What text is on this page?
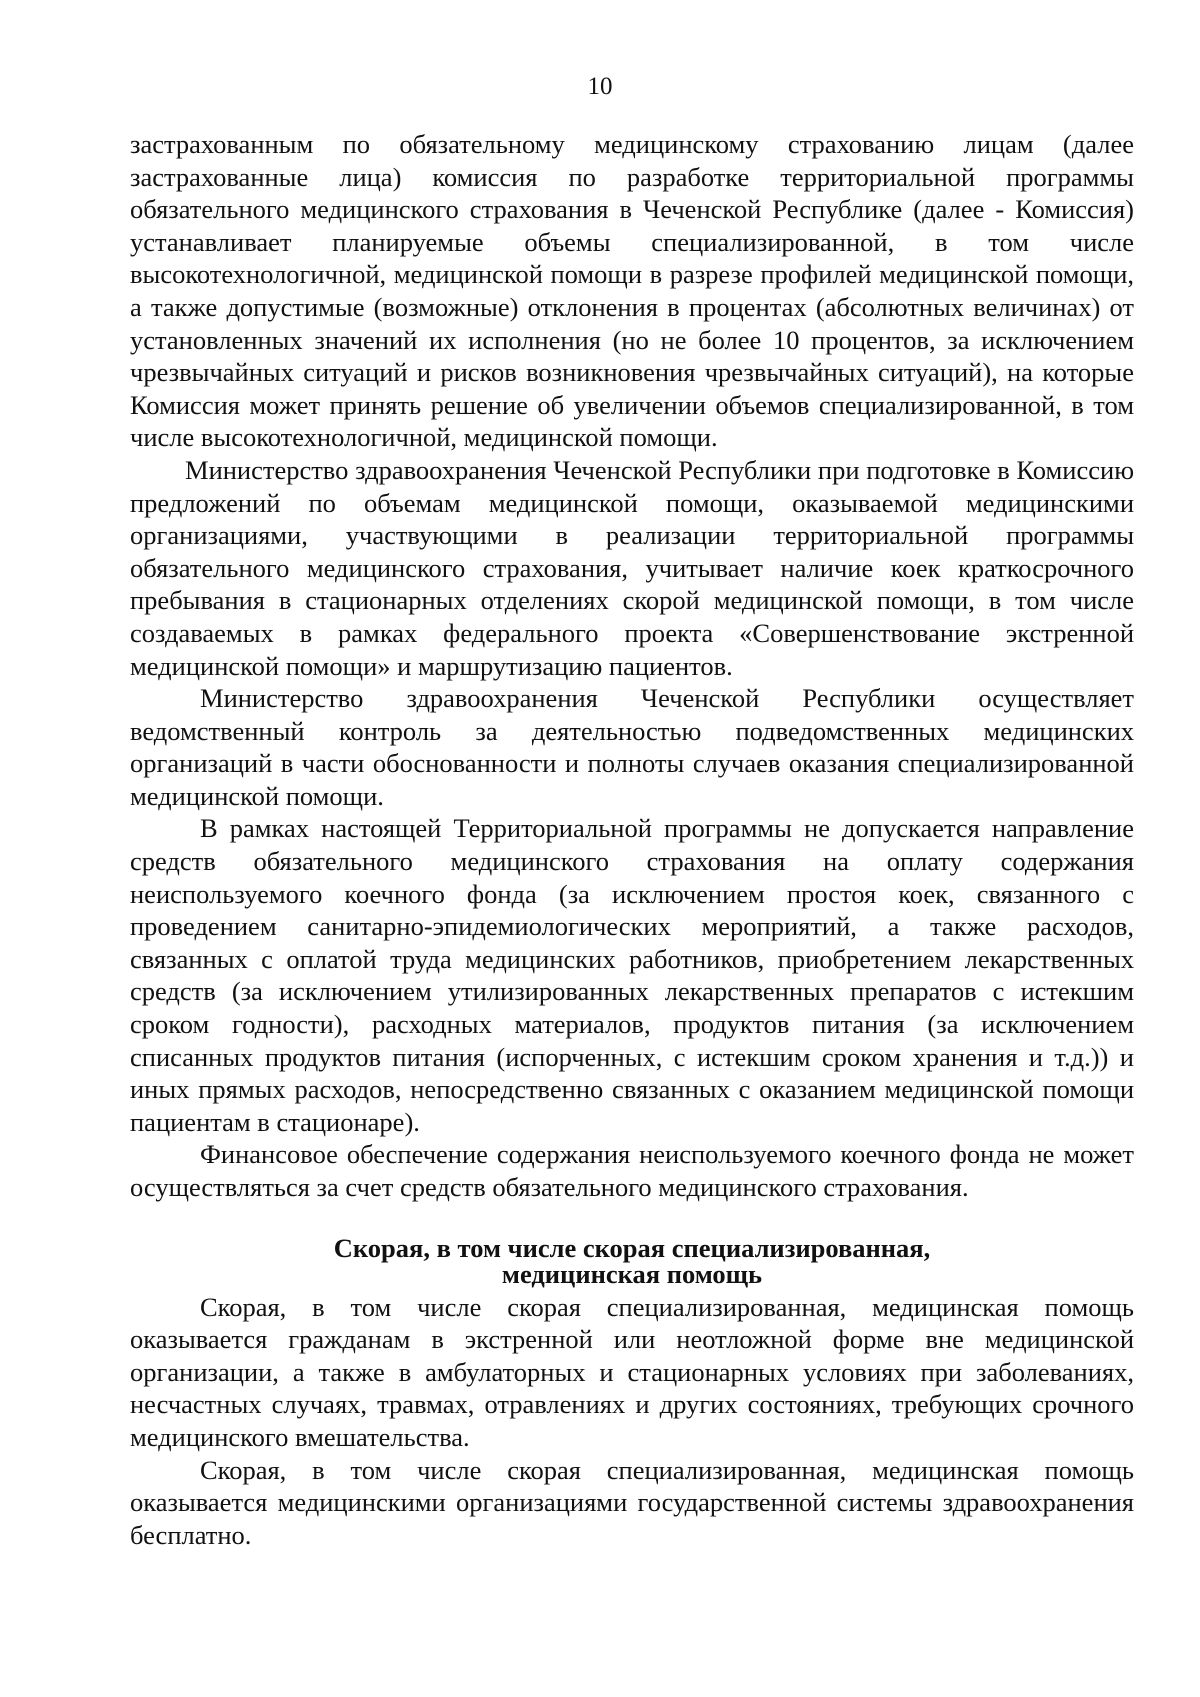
10

застрахованным по обязательному медицинскому страхованию лицам (далее застрахованные лица) комиссия по разработке территориальной программы обязательного медицинского страхования в Чеченской Республике (далее - Комиссия) устанавливает планируемые объемы специализированной, в том числе высокотехнологичной, медицинской помощи в разрезе профилей медицинской помощи, а также допустимые (возможные) отклонения в процентах (абсолютных величинах) от установленных значений их исполнения (но не более 10 процентов, за исключением чрезвычайных ситуаций и рисков возникновения чрезвычайных ситуаций), на которые Комиссия может принять решение об увеличении объемов специализированной, в том числе высокотехнологичной, медицинской помощи.

Министерство здравоохранения Чеченской Республики при подготовке в Комиссию предложений по объемам медицинской помощи, оказываемой медицинскими организациями, участвующими в реализации территориальной программы обязательного медицинского страхования, учитывает наличие коек краткосрочного пребывания в стационарных отделениях скорой медицинской помощи, в том числе создаваемых в рамках федерального проекта «Совершенствование экстренной медицинской помощи» и маршрутизацию пациентов.

Министерство здравоохранения Чеченской Республики осуществляет ведомственный контроль за деятельностью подведомственных медицинских организаций в части обоснованности и полноты случаев оказания специализированной медицинской помощи.

В рамках настоящей Территориальной программы не допускается направление средств обязательного медицинского страхования на оплату содержания неиспользуемого коечного фонда (за исключением простоя коек, связанного с проведением санитарно-эпидемиологических мероприятий, а также расходов, связанных с оплатой труда медицинских работников, приобретением лекарственных средств (за исключением утилизированных лекарственных препаратов с истекшим сроком годности), расходных материалов, продуктов питания (за исключением списанных продуктов питания (испорченных, с истекшим сроком хранения и т.д.)) и иных прямых расходов, непосредственно связанных с оказанием медицинской помощи пациентам в стационаре).

Финансовое обеспечение содержания неиспользуемого коечного фонда не может осуществляться за счет средств обязательного медицинского страхования.

Скорая, в том числе скорая специализированная,
медицинская помощь

Скорая, в том числе скорая специализированная, медицинская помощь оказывается гражданам в экстренной или неотложной форме вне медицинской организации, а также в амбулаторных и стационарных условиях при заболеваниях, несчастных случаях, травмах, отравлениях и других состояниях, требующих срочного медицинского вмешательства.

Скорая, в том числе скорая специализированная, медицинская помощь оказывается медицинскими организациями государственной системы здравоохранения бесплатно.
